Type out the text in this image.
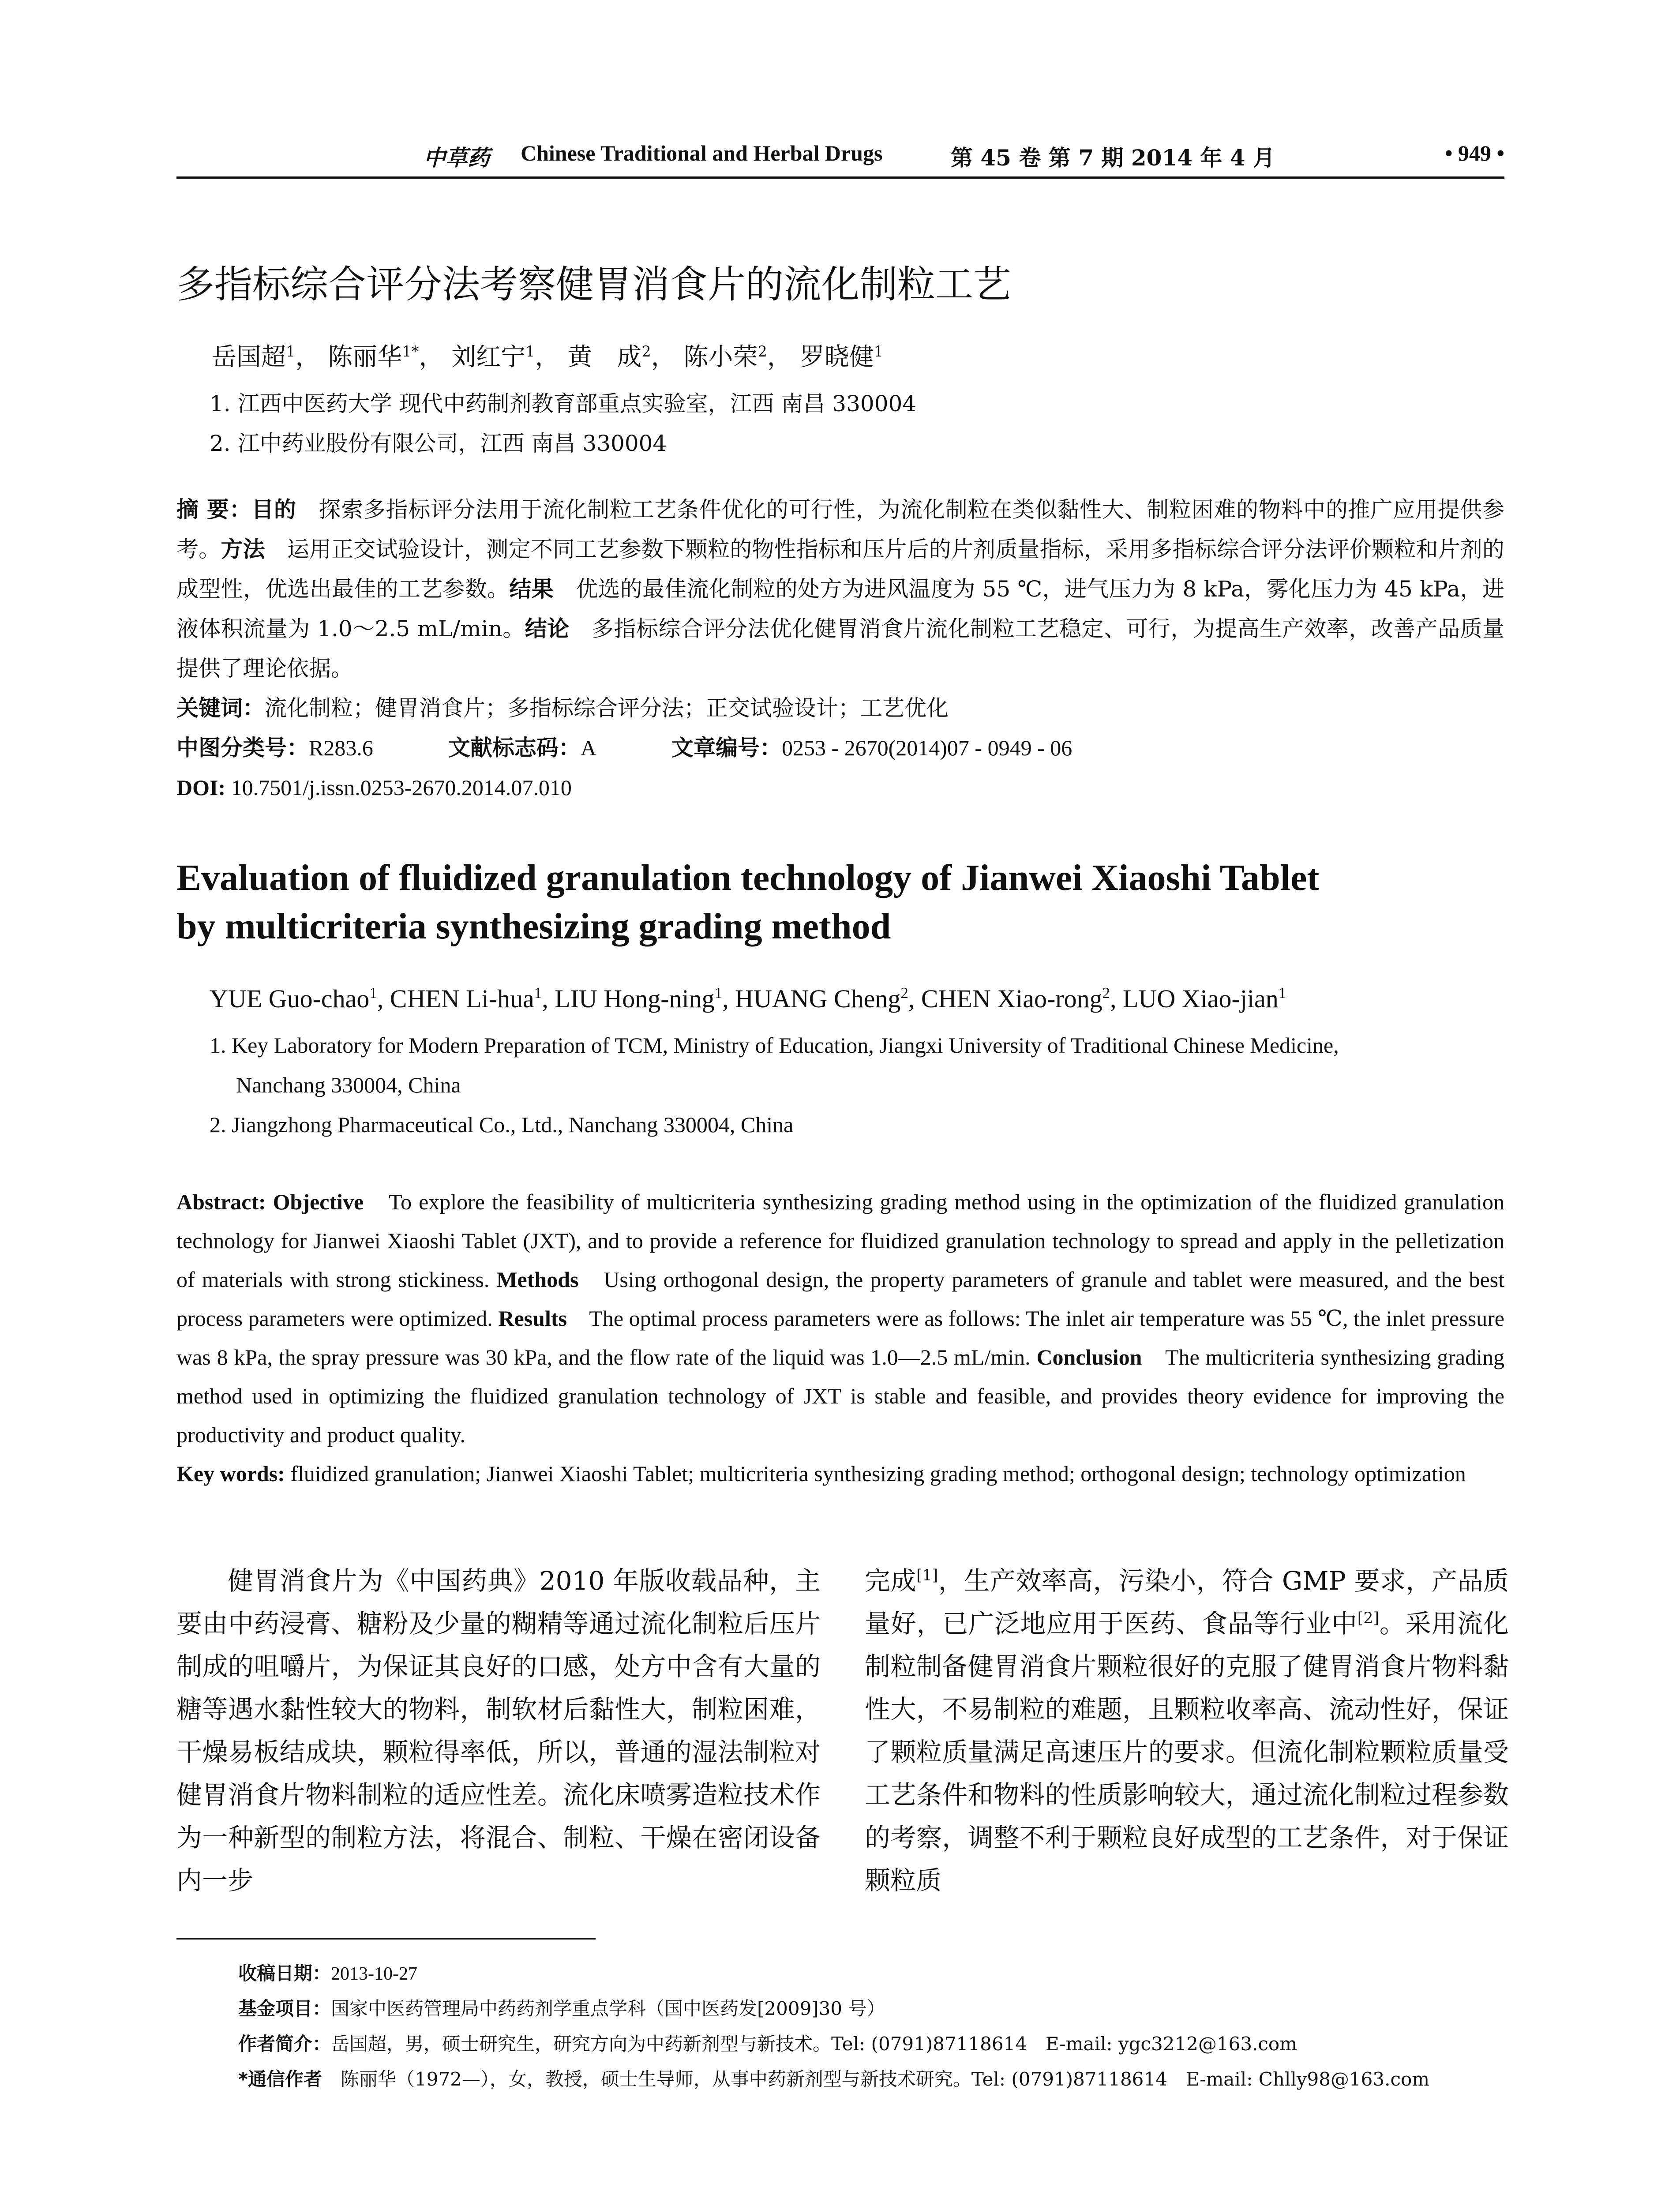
中草药 Chinese Traditional and Herbal Drugs	第 45 卷 第 7 期 2014 年 4 月	• 949 •
多指标综合评分法考察健胃消食片的流化制粒工艺
岳国超$^1$， 陈丽华$^{1*}$， 刘红宁$^1$， 黄　成$^2$， 陈小荣$^2$， 罗晓健$^1$
1. 江西中医药大学 现代中药制剂教育部重点实验室，江西 南昌 330004
2. 江中药业股份有限公司，江西 南昌 330004

摘 要：目的　 探索多指标评分法用于流化制粒工艺条件优化的可行性，为流化制粒在类似黏性大、制粒困难的物料中的推广应用提供参考。方法　 运用正交试验设计，测定不同工艺参数下颗粒的物性指标和压片后的片剂质量指标，采用多指标综合评分法评价颗粒和片剂的成型性，优选出最佳的工艺参数。结果　 优选的最佳流化制粒的处方为进风温度为 55 ℃，进气压力为 8 kPa，雾化压力为 45 kPa，进液体积流量为 1.0～2.5 mL/min。结论　 多指标综合评分法优化健胃消食片流化制粒工艺稳定、可行，为提高生产效率，改善产品质量提供了理论依据。

关键词：流化制粒；健胃消食片；多指标综合评分法；正交试验设计；工艺优化

中图分类号：R283.6	文献标志码：A	文章编号：0253 - 2670(2014)07 - 0949 - 06

DOI: 10.7501/j.issn.0253-2670.2014.07.010

Evaluation of fluidized granulation technology of Jianwei Xiaoshi Tablet
by multicriteria synthesizing grading method
YUE Guo-chao$^1$, CHEN Li-hua$^1$, LIU Hong-ning$^1$, HUANG Cheng$^2$, CHEN Xiao-rong$^2$, LUO Xiao-jian$^1$
1. Key Laboratory for Modern Preparation of TCM, Ministry of Education, Jiangxi University of Traditional Chinese Medicine,
Nanchang 330004, China
2. Jiangzhong Pharmaceutical Co., Ltd., Nanchang 330004, China

Abstract: Objective　 To explore the feasibility of multicriteria synthesizing grading method using in the optimization of the fluidized granulation technology for Jianwei Xiaoshi Tablet (JXT), and to provide a reference for fluidized granulation technology to spread and apply in the pelletization of materials with strong stickiness. Methods　 Using orthogonal design, the property parameters of granule and tablet were measured, and the best process parameters were optimized. Results　 The optimal process parameters were as follows: The inlet air temperature was 55 ℃, the inlet pressure was 8 kPa, the spray pressure was 30 kPa, and the flow rate of the liquid was 1.0—2.5 mL/min. Conclusion　 The multicriteria synthesizing grading method used in optimizing the fluidized granulation technology of JXT is stable and feasible, and provides theory evidence for improving the productivity and product quality.

Key words: fluidized granulation; Jianwei Xiaoshi Tablet; multicriteria synthesizing grading method; orthogonal design; technology optimization

健胃消食片为《中国药典》2010 年版收载品种，主要由中药浸膏、糖粉及少量的糊精等通过流化制粒后压片制成的咀嚼片，为保证其良好的口感，处方中含有大量的糖等遇水黏性较大的物料，制软材后黏性大，制粒困难，干燥易板结成块，颗粒得率低，所以，普通的湿法制粒对健胃消食片物料制粒的适应性差。流化床喷雾造粒技术作为一种新型的制粒方法，将混合、制粒、干燥在密闭设备内一步

完成[1]，生产效率高，污染小，符合 GMP 要求，产品质量好，已广泛地应用于医药、食品等行业中[2]。采用流化制粒制备健胃消食片颗粒很好的克服了健胃消食片物料黏性大，不易制粒的难题，且颗粒收率高、流动性好，保证了颗粒质量满足高速压片的要求。但流化制粒颗粒质量受工艺条件和物料的性质影响较大，通过流化制粒过程参数的考察，调整不利于颗粒良好成型的工艺条件，对于保证颗粒质

收稿日期：2013-10-27
基金项目：国家中医药管理局中药药剂学重点学科（国中医药发[2009]30 号）
作者简介：岳国超，男，硕士研究生，研究方向为中药新剂型与新技术。Tel: (0791)87118614　E-mail: ygc3212@163.com
*通信作者　 陈丽华（1972—），女，教授，硕士生导师，从事中药新剂型与新技术研究。Tel: (0791)87118614　E-mail: Chlly98@163.com
